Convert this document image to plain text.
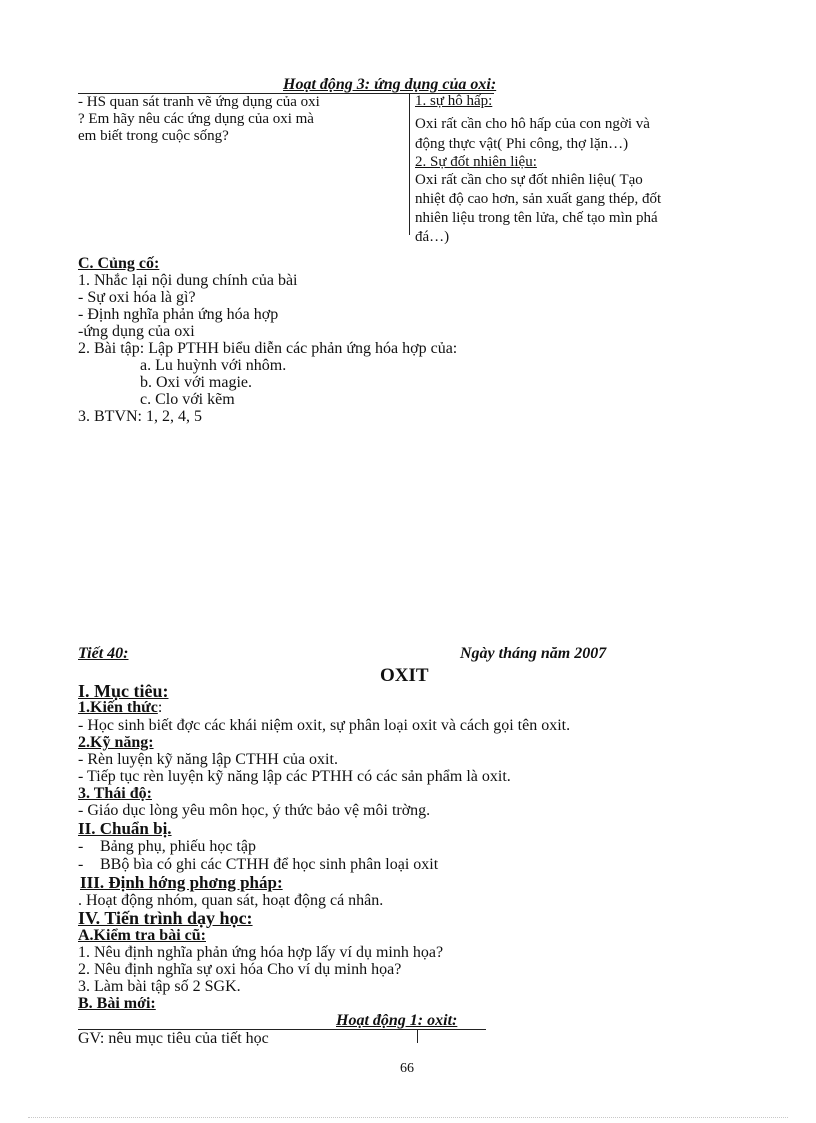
Hoạt động 3: ứng dụng của oxi:
- HS quan sát tranh vẽ ứng dụng của oxi
? Em hãy nêu các ứng dụng của oxi mà
em biết trong cuộc sống?
1. sự hô hấp:
Oxi rất cần cho hô hấp của con ngời và
động thực vật( Phi công, thợ lặn…)
2. Sự đốt nhiên liệu:
Oxi rất cần cho sự đốt nhiên liệu( Tạo
nhiệt độ cao hơn, sản xuất gang thép, đốt
nhiên liệu trong tên lửa, chế tạo mìn phá
đá…)
C. Củng cố:
1. Nhắc lại nội dung chính của bài
- Sự oxi hóa là gì?
- Định nghĩa phản ứng hóa hợp
-ứng dụng của oxi
2. Bài tập: Lập PTHH biểu diễn các phản ứng hóa hợp của:
a. Lu huỳnh với nhôm.
b. Oxi với magie.
c. Clo với kẽm
3. BTVN: 1, 2, 4, 5
Tiết 40:	Ngày tháng năm 2007
OXIT
I. Mục tiêu:
1.Kiến thức:
- Học sinh biết đợc các khái niệm oxit, sự phân loại oxit và cách gọi tên oxit.
2.Kỹ năng:
- Rèn luyện kỹ năng lập CTHH của oxit.
- Tiếp tục rèn luyện kỹ năng lập các PTHH có các sản phẩm là oxit.
3. Thái độ:
- Giáo dục lòng yêu môn học, ý thức bảo vệ môi trờng.
II. Chuẩn bị.
- Bảng phụ, phiếu học tập
- BBộ bìa có ghi các CTHH để học sinh phân loại oxit
III. Định hớng phơng pháp:
. Hoạt động nhóm, quan sát, hoạt động cá nhân.
IV. Tiến trình dạy học:
A.Kiểm tra bài cũ:
1. Nêu định nghĩa phản ứng hóa hợp lấy ví dụ minh họa?
2. Nêu định nghĩa sự oxi hóa Cho ví dụ minh họa?
3. Làm bài tập số 2 SGK.
B. Bài mới:
Hoạt động 1: oxit:
GV: nêu mục tiêu của tiết học
66
